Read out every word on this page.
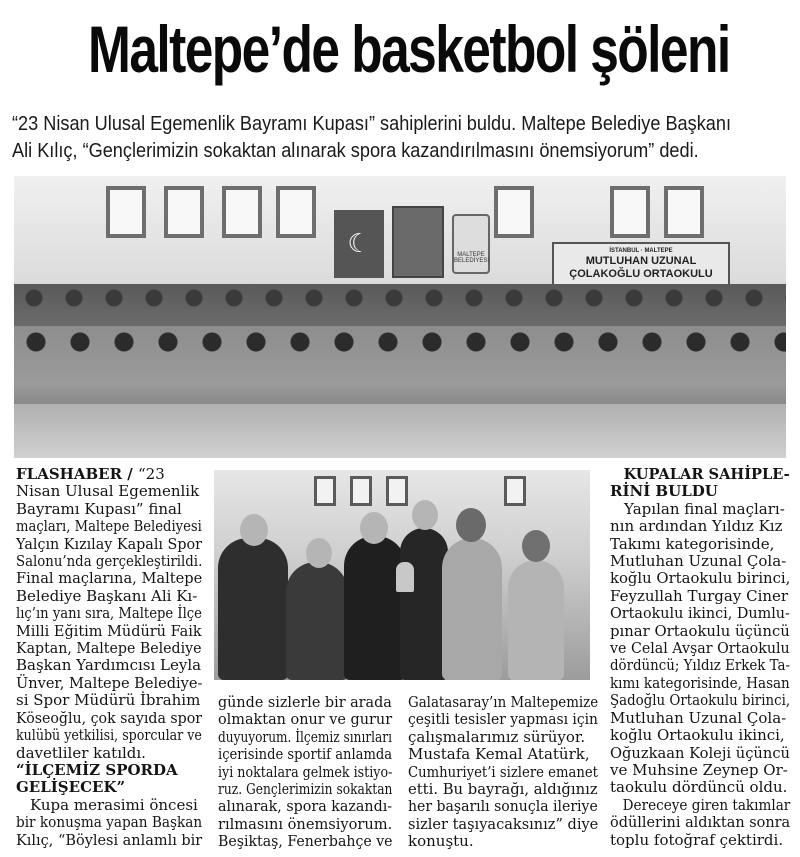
Maltepe’de basketbol şöleni
“23 Nisan Ulusal Egemenlik Bayramı Kupası” sahiplerini buldu. Maltepe Belediye Başkanı
Ali Kılıç, “Gençlerimizin sokaktan alınarak spora kazandırılmasını önemsiyorum” dedi.
☾	MALTEPE BELEDİYESİ
İSTANBUL · MALTEPE
MUTLUHAN UZUNAL
ÇOLAKOĞLU ORTAOKULU
FLASHABER / “23
Nisan Ulusal Egemenlik
Bayramı Kupası” final
maçları, Maltepe Belediyesi
Yalçın Kızılay Kapalı Spor
Salonu’nda gerçekleştirildi.
Final maçlarına, Maltepe
Belediye Başkanı Ali Kı-
lıç’ın yanı sıra, Maltepe İlçe
Milli Eğitim Müdürü Faik
Kaptan, Maltepe Belediye
Başkan Yardımcısı Leyla
Ünver, Maltepe Belediye-
si Spor Müdürü İbrahim
Köseoğlu, çok sayıda spor
kulübü yetkilisi, sporcular ve
davetliler katıldı.
“İLÇEMİZ SPORDA
GELİŞECEK”
Kupa merasimi öncesi
bir konuşma yapan Başkan
Kılıç, “Böylesi anlamlı bir
günde sizlerle bir arada
olmaktan onur ve gurur
duyuyorum. İlçemiz sınırları
içerisinde sportif anlamda
iyi noktalara gelmek istiyo-
ruz. Gençlerimizin sokaktan
alınarak, spora kazandı-
rılmasını önemsiyorum.
Beşiktaş, Fenerbahçe ve
Galatasaray’ın Maltepemize
çeşitli tesisler yapması için
çalışmalarımız sürüyor.
Mustafa Kemal Atatürk,
Cumhuriyet’i sizlere emanet
etti. Bu bayrağı, aldığınız
her başarılı sonuçla ileriye
sizler taşıyacaksınız” diye
konuştu.
KUPALAR SAHİPLE-
RİNİ BULDU
Yapılan final maçları-
nın ardından Yıldız Kız
Takımı kategorisinde,
Mutluhan Uzunal Çola-
koğlu Ortaokulu birinci,
Feyzullah Turgay Ciner
Ortaokulu ikinci, Dumlu-
pınar Ortaokulu üçüncü
ve Celal Avşar Ortaokulu
dördüncü; Yıldız Erkek Ta-
kımı kategorisinde, Hasan
Şadoğlu Ortaokulu birinci,
Mutluhan Uzunal Çola-
koğlu Ortaokulu ikinci,
Oğuzkaan Koleji üçüncü
ve Muhsine Zeynep Or-
taokulu dördüncü oldu.
Dereceye giren takımlar
ödüllerini aldıktan sonra
toplu fotoğraf çektirdi.
